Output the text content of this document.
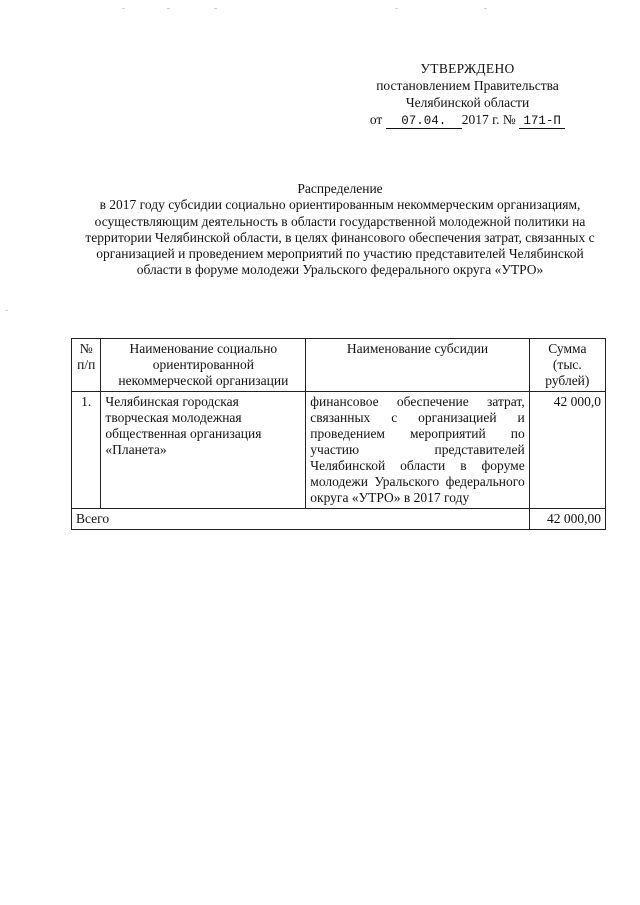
УТВЕРЖДЕНО
постановлением Правительства
Челябинской области
от 07.04. 2017 г. № 171-П
Распределение
в 2017 году субсидии социально ориентированным некоммерческим организациям, осуществляющим деятельность в области государственной молодежной политики на территории Челябинской области, в целях финансового обеспечения затрат, связанных с организацией и проведением мероприятий по участию представителей Челябинской области в форуме молодежи Уральского федерального округа «УТРО»
№ п/п	Наименование социально ориентированной некоммерческой организации	Наименование субсидии	Сумма (тыс. рублей)
1.	Челябинская городская творческая молодежная общественная организация «Планета»	финансовое обеспечение затрат, связанных с организацией и проведением мероприятий по участию представителей Челябинской области в форуме молодежи Уральского федерального округа «УТРО» в 2017 году	42 000,0
Всего			42 000,00
